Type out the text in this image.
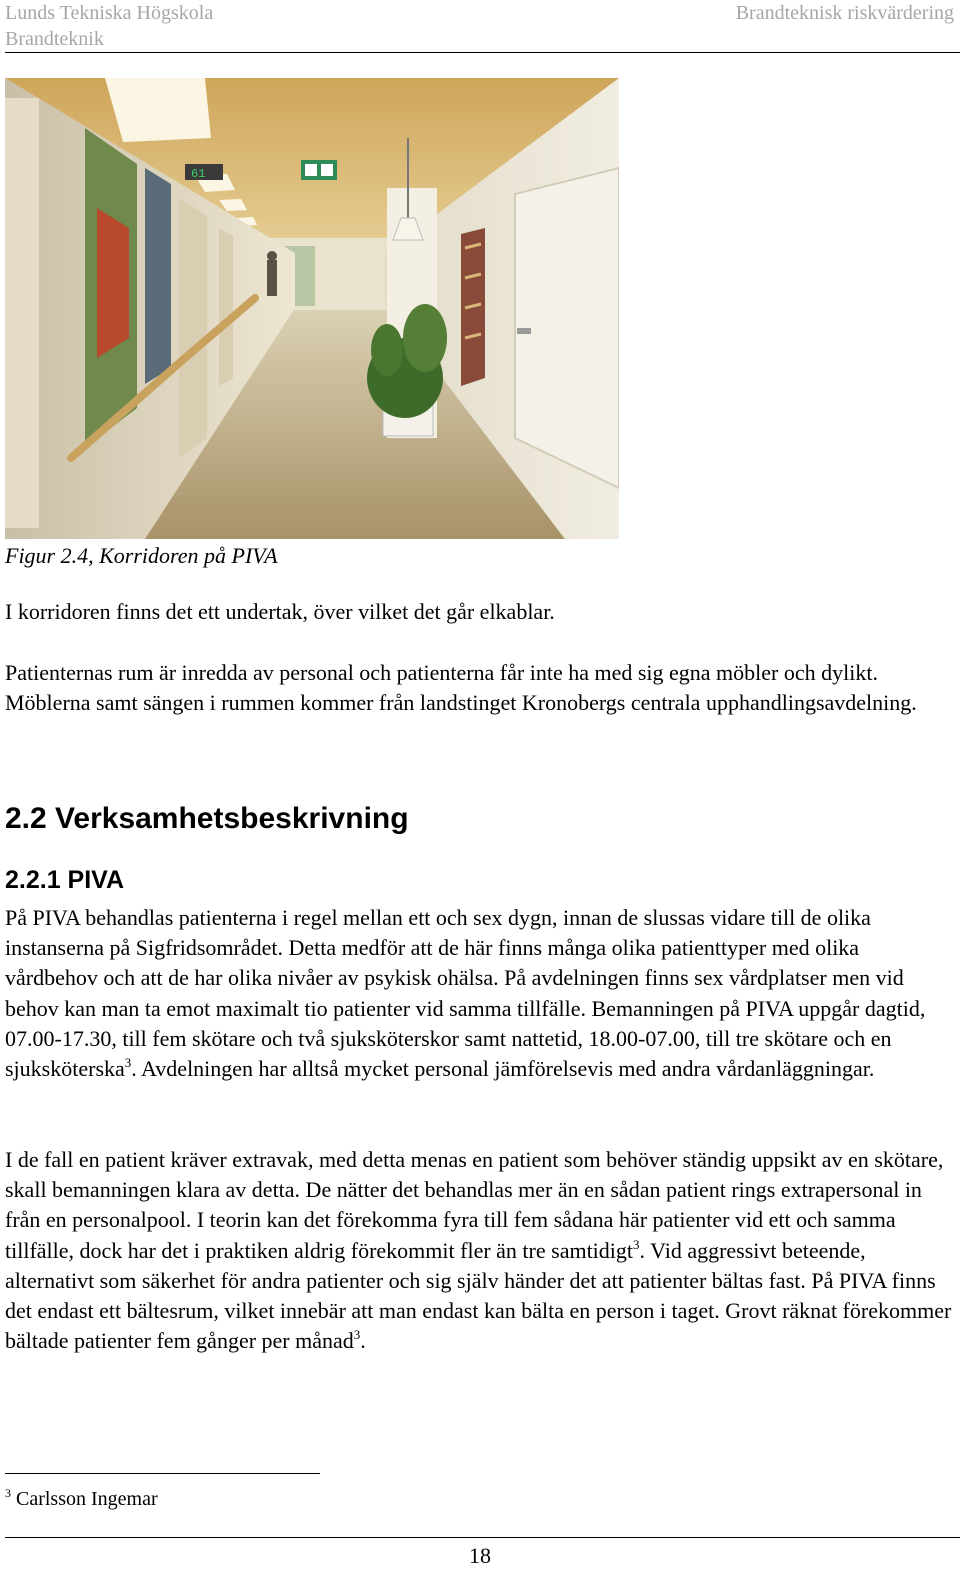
Lunds Tekniska Högskola
Brandteknik
Brandteknisk riskvärdering
61
Figur 2.4, Korridoren på PIVA
I korridoren finns det ett undertak, över vilket det går elkablar.
Patienternas rum är inredda av personal och patienterna får inte ha med sig egna möbler och dylikt. Möblerna samt sängen i rummen kommer från landstinget Kronobergs centrala upphandlingsavdelning.
2.2 Verksamhetsbeskrivning
2.2.1 PIVA
På PIVA behandlas patienterna i regel mellan ett och sex dygn, innan de slussas vidare till de olika instanserna på Sigfridsområdet. Detta medför att de här finns många olika patienttyper med olika vårdbehov och att de har olika nivåer av psykisk ohälsa. På avdelningen finns sex vårdplatser men vid behov kan man ta emot maximalt tio patienter vid samma tillfälle. Bemanningen på PIVA uppgår dagtid, 07.00-17.30, till fem skötare och två sjuksköterskor samt nattetid, 18.00-07.00, till tre skötare och en sjuksköterska$^3$. Avdelningen har alltså mycket personal jämförelsevis med andra vårdanläggningar.
I de fall en patient kräver extravak, med detta menas en patient som behöver ständig uppsikt av en skötare, skall bemanningen klara av detta. De nätter det behandlas mer än en sådan patient rings extrapersonal in från en personalpool. I teorin kan det förekomma fyra till fem sådana här patienter vid ett och samma tillfälle, dock har det i praktiken aldrig förekommit fler än tre samtidigt$^3$. Vid aggressivt beteende, alternativt som säkerhet för andra patienter och sig själv händer det att patienter bältas fast. På PIVA finns det endast ett bältesrum, vilket innebär att man endast kan bälta en person i taget. Grovt räknat förekommer bältade patienter fem gånger per månad$^3$.
$^3$ Carlsson Ingemar
18
